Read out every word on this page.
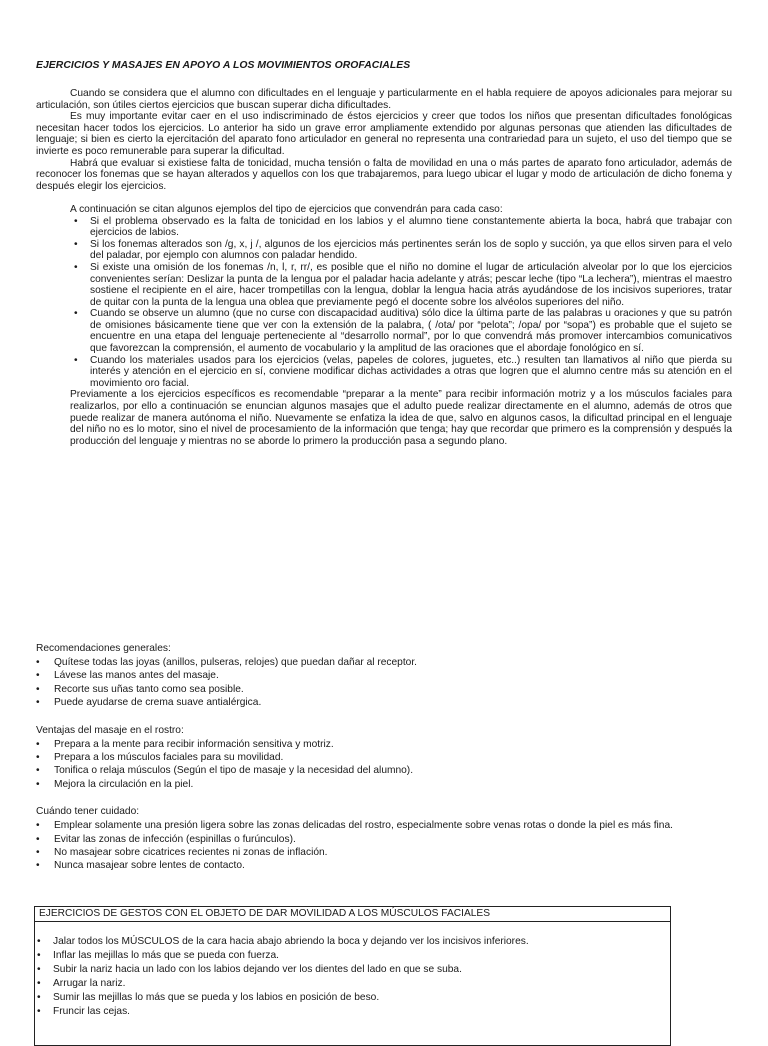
EJERCICIOS Y MASAJES EN APOYO A LOS MOVIMIENTOS OROFACIALES

Cuando se considera que el alumno con dificultades en el lenguaje y particularmente en el habla requiere de apoyos adicionales para mejorar su articulación, son útiles ciertos ejercicios que buscan superar dicha dificultades.

Es muy importante evitar caer en el uso indiscriminado de éstos ejercicios y creer que todos los niños que presentan dificultades fonológicas necesitan hacer todos los ejercicios. Lo anterior ha sido un grave error ampliamente extendido por algunas personas que atienden las dificultades de lenguaje; si bien es cierto la ejercitación del aparato fono articulador en general no representa una contrariedad para un sujeto, el uso del tiempo que se invierte es poco remunerable para superar la dificultad.

Habrá que evaluar si existiese falta de tonicidad, mucha tensión o falta de movilidad en una o más partes de aparato fono articulador, además de reconocer los fonemas que se hayan alterados y aquellos con los que trabajaremos, para luego ubicar el lugar y modo de articulación de dicho fonema y después elegir los ejercicios.

A continuación se citan algunos ejemplos del tipo de ejercicios que convendrán para cada caso:

• Si el problema observado es la falta de tonicidad en los labios y el alumno tiene constantemente abierta la boca, habrá que trabajar con ejercicios de labios.
• Si los fonemas alterados son /g, x, j /, algunos de los ejercicios más pertinentes serán los de soplo y succión, ya que ellos sirven para el velo del paladar, por ejemplo con alumnos con paladar hendido.
• Si existe una omisión de los fonemas /n, l, r, rr/, es posible que el niño no domine el lugar de articulación alveolar por lo que los ejercicios convenientes serían: Deslizar la punta de la lengua por el paladar hacia adelante y atrás; pescar leche (tipo “La lechera”), mientras el maestro sostiene el recipiente en el aire, hacer trompetillas con la lengua, doblar la lengua hacia atrás ayudándose de los incisivos superiores, tratar de quitar con la punta de la lengua una oblea que previamente pegó el docente sobre los alvéolos superiores del niño.
• Cuando se observe un alumno (que no curse con discapacidad auditiva) sólo dice la última parte de las palabras u oraciones y que su patrón de omisiones básicamente tiene que ver con la extensión de la palabra, ( /ota/ por “pelota”; /opa/ por “sopa”) es probable que el sujeto se encuentre en una etapa del lenguaje perteneciente al “desarrollo normal”, por lo que convendrá más promover intercambios comunicativos que favorezcan la comprensión, el aumento de vocabulario y la amplitud de las oraciones que el abordaje fonológico en sí.
• Cuando los materiales usados para los ejercicios (velas, papeles de colores, juguetes, etc..) resulten tan llamativos al niño que pierda su interés y atención en el ejercicio en sí, conviene modificar dichas actividades a otras que logren que el alumno centre más su atención en el movimiento oro facial.

Previamente a los ejercicios específicos es recomendable “preparar a la mente” para recibir información motriz y a los músculos faciales para realizarlos, por ello a continuación se enuncian algunos masajes que el adulto puede realizar directamente en el alumno, además de otros que puede realizar de manera autónoma el niño. Nuevamente se enfatiza la idea de que, salvo en algunos casos, la dificultad principal en el lenguaje del niño no es lo motor, sino el nivel de procesamiento de la información que tenga; hay que recordar que primero es la comprensión y después la producción del lenguaje y mientras no se aborde lo primero la producción pasa a segundo plano.

Recomendaciones generales:

• Quítese todas las joyas (anillos, pulseras, relojes) que puedan dañar al receptor.
• Lávese las manos antes del masaje.
• Recorte sus uñas tanto como sea posible.
• Puede ayudarse de crema suave antialérgica.

Ventajas del masaje en el rostro:

• Prepara a la mente para recibir información sensitiva y motriz.
• Prepara a los músculos faciales para su movilidad.
• Tonifica o relaja músculos (Según el tipo de masaje y la necesidad del alumno).
• Mejora la circulación en la piel.

Cuándo tener cuidado:

• Emplear solamente una presión ligera sobre las zonas delicadas del rostro, especialmente sobre venas rotas o donde la piel es más fina.
• Evitar las zonas de infección (espinillas o furúnculos).
• No masajear sobre cicatrices recientes ni zonas de inflación.
• Nunca masajear sobre lentes de contacto.
EJERCICIOS DE GESTOS CON EL OBJETO DE DAR MOVILIDAD A LOS MÚSCULOS FACIALES
• Jalar todos los MÚSCULOS de la cara hacia abajo abriendo la boca y dejando ver los incisivos inferiores.
• Inflar las mejillas lo más que se pueda con fuerza.
• Subir la nariz hacia un lado con los labios dejando ver los dientes del lado en que se suba.
• Arrugar la nariz.
• Sumir las mejillas lo más que se pueda y los labios en posición de beso.
• Fruncir las cejas.
